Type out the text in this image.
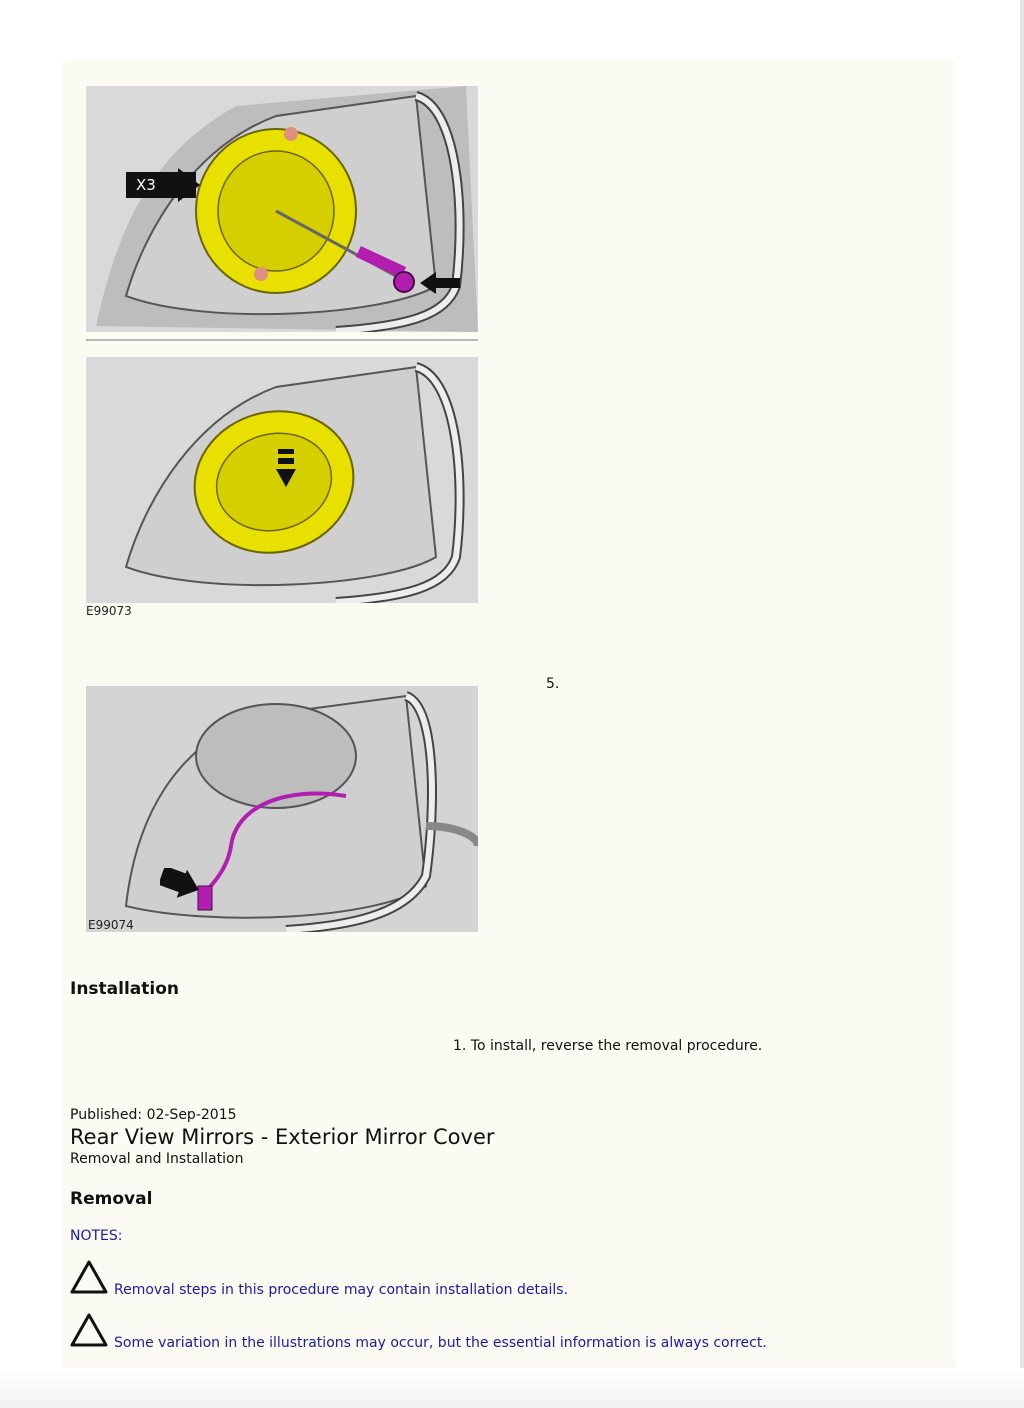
X3
E99073
5.
E99074
Installation
1. To install, reverse the removal procedure.
Published: 02-Sep-2015
Rear View Mirrors - Exterior Mirror Cover
Removal and Installation
Removal
NOTES:
Removal steps in this procedure may contain installation details.
Some variation in the illustrations may occur, but the essential information is always correct.
